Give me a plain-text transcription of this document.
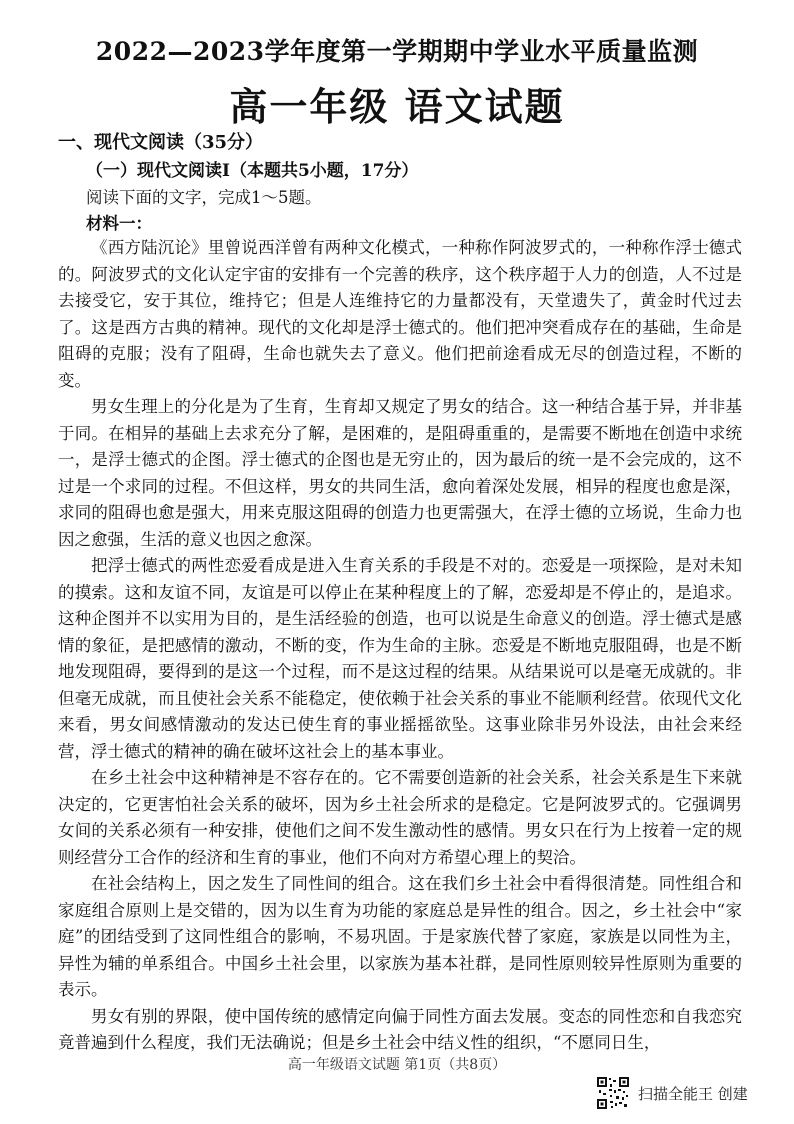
2022—2023学年度第一学期期中学业水平质量监测
高一年级 语文试题
一、现代文阅读（35分）
（一）现代文阅读Ⅰ（本题共5小题，17分）
阅读下面的文字，完成1～5题。
材料一：

《西方陆沉论》里曾说西洋曾有两种文化模式，一种称作阿波罗式的，一种称作浮士德式的。阿波罗式的文化认定宇宙的安排有一个完善的秩序，这个秩序超于人力的创造，人不过是去接受它，安于其位，维持它；但是人连维持它的力量都没有，天堂遗失了，黄金时代过去了。这是西方古典的精神。现代的文化却是浮士德式的。他们把冲突看成存在的基础，生命是阻碍的克服；没有了阻碍，生命也就失去了意义。他们把前途看成无尽的创造过程，不断的变。

男女生理上的分化是为了生育，生育却又规定了男女的结合。这一种结合基于异，并非基于同。在相异的基础上去求充分了解，是困难的，是阻碍重重的，是需要不断地在创造中求统一，是浮士德式的企图。浮士德式的企图也是无穷止的，因为最后的统一是不会完成的，这不过是一个求同的过程。不但这样，男女的共同生活，愈向着深处发展，相异的程度也愈是深，求同的阻碍也愈是强大，用来克服这阻碍的创造力也更需强大，在浮士德的立场说，生命力也因之愈强，生活的意义也因之愈深。

把浮士德式的两性恋爱看成是进入生育关系的手段是不对的。恋爱是一项探险，是对未知的摸索。这和友谊不同，友谊是可以停止在某种程度上的了解，恋爱却是不停止的，是追求。这种企图并不以实用为目的，是生活经验的创造，也可以说是生命意义的创造。浮士德式是感情的象征，是把感情的激动，不断的变，作为生命的主脉。恋爱是不断地克服阻碍，也是不断地发现阻碍，要得到的是这一个过程，而不是这过程的结果。从结果说可以是毫无成就的。非但毫无成就，而且使社会关系不能稳定，使依赖于社会关系的事业不能顺利经营。依现代文化来看，男女间感情激动的发达已使生育的事业摇摇欲坠。这事业除非另外设法，由社会来经营，浮士德式的精神的确在破坏这社会上的基本事业。

在乡土社会中这种精神是不容存在的。它不需要创造新的社会关系，社会关系是生下来就决定的，它更害怕社会关系的破坏，因为乡土社会所求的是稳定。它是阿波罗式的。它强调男女间的关系必须有一种安排，使他们之间不发生激动性的感情。男女只在行为上按着一定的规则经营分工合作的经济和生育的事业，他们不向对方希望心理上的契洽。

在社会结构上，因之发生了同性间的组合。这在我们乡土社会中看得很清楚。同性组合和家庭组合原则上是交错的，因为以生育为功能的家庭总是异性的组合。因之，乡土社会中“家庭”的团结受到了这同性组合的影响，不易巩固。于是家族代替了家庭，家族是以同性为主，异性为辅的单系组合。中国乡土社会里，以家族为基本社群，是同性原则较异性原则为重要的表示。

男女有别的界限，使中国传统的感情定向偏于同性方面去发展。变态的同性恋和自我恋究竟普遍到什么程度，我们无法确说；但是乡土社会中结义性的组织，“不愿同日生，

高一年级语文试题 第1页（共8页）
扫描全能王 创建
